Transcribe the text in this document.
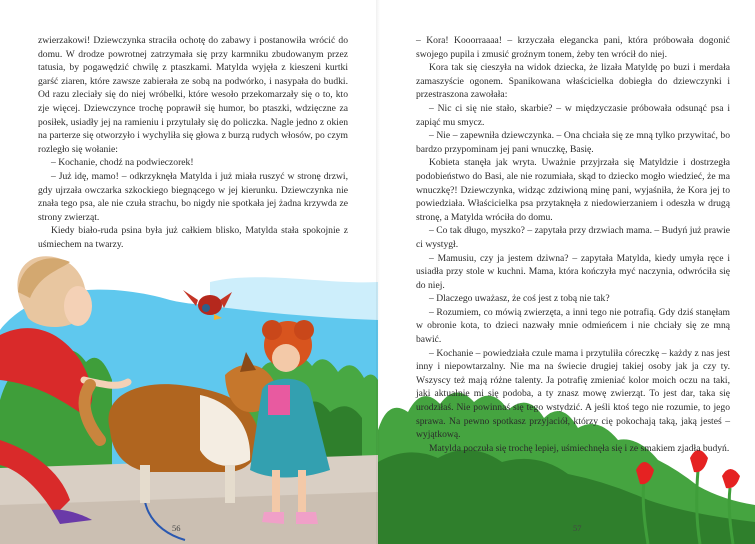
zwierzakowi! Dziewczynka straciła ochotę do zabawy i postanowiła wrócić do domu. W drodze powrotnej zatrzymała się przy karmniku zbudowanym przez tatusia, by pogawędzić chwilę z ptaszkami. Matylda wyjęła z kieszeni kurtki garść ziaren, które zawsze zabierała ze sobą na podwórko, i nasypała do budki. Od razu zleciały się do niej wróbelki, które wesoło przekomarzały się o to, kto zje więcej. Dziewczynce trochę poprawił się humor, bo ptaszki, wdzięczne za posiłek, usiadły jej na ramieniu i przytulały się do policzka. Nagle jedno z okien na parterze się otworzyło i wychyliła się głowa z burzą rudych włosów, po czym rozległo się wołanie:

– Kochanie, chodź na podwieczorek!

– Już idę, mamo! – odkrzyknęła Matylda i już miała ruszyć w stronę drzwi, gdy ujrzała owczarka szkockiego biegnącego w jej kierunku. Dziewczynka nie znała tego psa, ale nie czuła strachu, bo nigdy nie spotkała jej żadna krzywda ze strony zwierząt.

Kiedy biało-ruda psina była już całkiem blisko, Matylda stała spokojnie z uśmiechem na twarzy.

56	57

– Kora! Kooorraaaa! – krzyczała elegancka pani, która próbowała dogonić swojego pupila i zmusić groźnym tonem, żeby ten wrócił do niej.

Kora tak się cieszyła na widok dziecka, że lizała Matyldę po buzi i merdała zamaszyście ogonem. Spanikowana właścicielka dobiegła do dziewczynki i przestraszona zawołała:

– Nic ci się nie stało, skarbie? – w międzyczasie próbowała odsunąć psa i zapiąć mu smycz.

– Nie – zapewniła dziewczynka. – Ona chciała się ze mną tylko przywitać, bo bardzo przypominam jej pani wnuczkę, Basię.

Kobieta stanęła jak wryta. Uważnie przyjrzała się Matyldzie i dostrzegła podobieństwo do Basi, ale nie rozumiała, skąd to dziecko mogło wiedzieć, że ma wnuczkę?! Dziewczynka, widząc zdziwioną minę pani, wyjaśniła, że Kora jej to powiedziała. Właścicielka psa przytaknęła z niedowierzaniem i odeszła w drugą stronę, a Matylda wróciła do domu.

– Co tak długo, myszko? – zapytała przy drzwiach mama. – Budyń już prawie ci wystygł.

– Mamusiu, czy ja jestem dziwna? – zapytała Matylda, kiedy umyła ręce i usiadła przy stole w kuchni. Mama, która kończyła myć naczynia, odwróciła się do niej.

– Dlaczego uważasz, że coś jest z tobą nie tak?

– Rozumiem, co mówią zwierzęta, a inni tego nie potrafią. Gdy dziś stanęłam w obronie kota, to dzieci nazwały mnie odmieńcem i nie chciały się ze mną bawić.

– Kochanie – powiedziała czule mama i przytuliła córeczkę – każdy z nas jest inny i niepowtarzalny. Nie ma na świecie drugiej takiej osoby jak ja czy ty. Wszyscy też mają różne talenty. Ja potrafię zmieniać kolor moich oczu na taki, jaki aktualnie mi się podoba, a ty znasz mowę zwierząt. To jest dar, taka się urodziłaś. Nie powinnaś się tego wstydzić. A jeśli ktoś tego nie rozumie, to jego sprawa. Na pewno spotkasz przyjaciół, którzy cię pokochają taką, jaką jesteś – wyjątkową.

Matylda poczuła się trochę lepiej, uśmiechnęła się i ze smakiem zjadła budyń.
